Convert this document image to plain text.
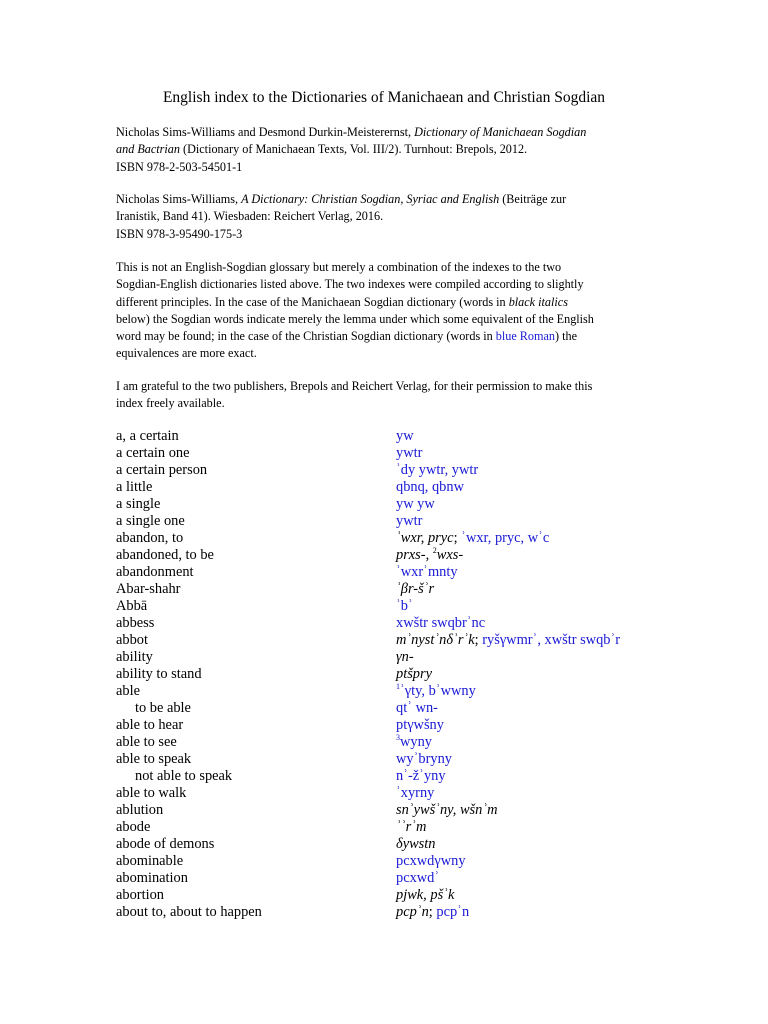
English index to the Dictionaries of Manichaean and Christian Sogdian
Nicholas Sims-Williams and Desmond Durkin-Meisterernst, Dictionary of Manichaean Sogdian
and Bactrian (Dictionary of Manichaean Texts, Vol. III/2). Turnhout: Brepols, 2012.
ISBN 978-2-503-54501-1
Nicholas Sims-Williams, A Dictionary: Christian Sogdian, Syriac and English (Beiträge zur
Iranistik, Band 41). Wiesbaden: Reichert Verlag, 2016.
ISBN 978-3-95490-175-3
This is not an English-Sogdian glossary but merely a combination of the indexes to the two
Sogdian-English dictionaries listed above. The two indexes were compiled according to slightly
different principles. In the case of the Manichaean Sogdian dictionary (words in black italics
below) the Sogdian words indicate merely the lemma under which some equivalent of the English
word may be found; in the case of the Christian Sogdian dictionary (words in blue Roman) the
equivalences are more exact.
I am grateful to the two publishers, Brepols and Reichert Verlag, for their permission to make this
index freely available.
a, a certain	yw
a certain one	ywtr
a certain person	ʾdy ywtr, ywtr
a little	qbnq, qbnw
a single	yw yw
a single one	ywtr
abandon, to	ʾwxr, pryc; ʾwxr, pryc, wʾc
abandoned, to be	prxs-, $^2$wxs-
abandonment	ʾwxrʾmnty
Abar-shahr	ʾβr-šʾr
Abbā	ʾbʾ
abbess	xwštr swqbrʾnc
abbot	mʾnystʾnδʾrʾk; ryšγwmrʾ, xwštr swqbʾr
ability	γn-
ability to stand	ptšpry
able	$^1$ʾγty, bʾwwny
to be able	qtʾ wn-
able to hear	ptγwšny
able to see	$^3$wyny
able to speak	wyʾbryny
not able to speak	nʾ-žʾyny
able to walk	ʾxyrny
ablution	snʾywšʾny, wšnʾm
abode	ʾʾrʾm
abode of demons	δywstn
abominable	pcxwdγwny
abomination	pcxwdʾ
abortion	pjwk, pšʾk
about to, about to happen	pcpʾn; pcpʾn
